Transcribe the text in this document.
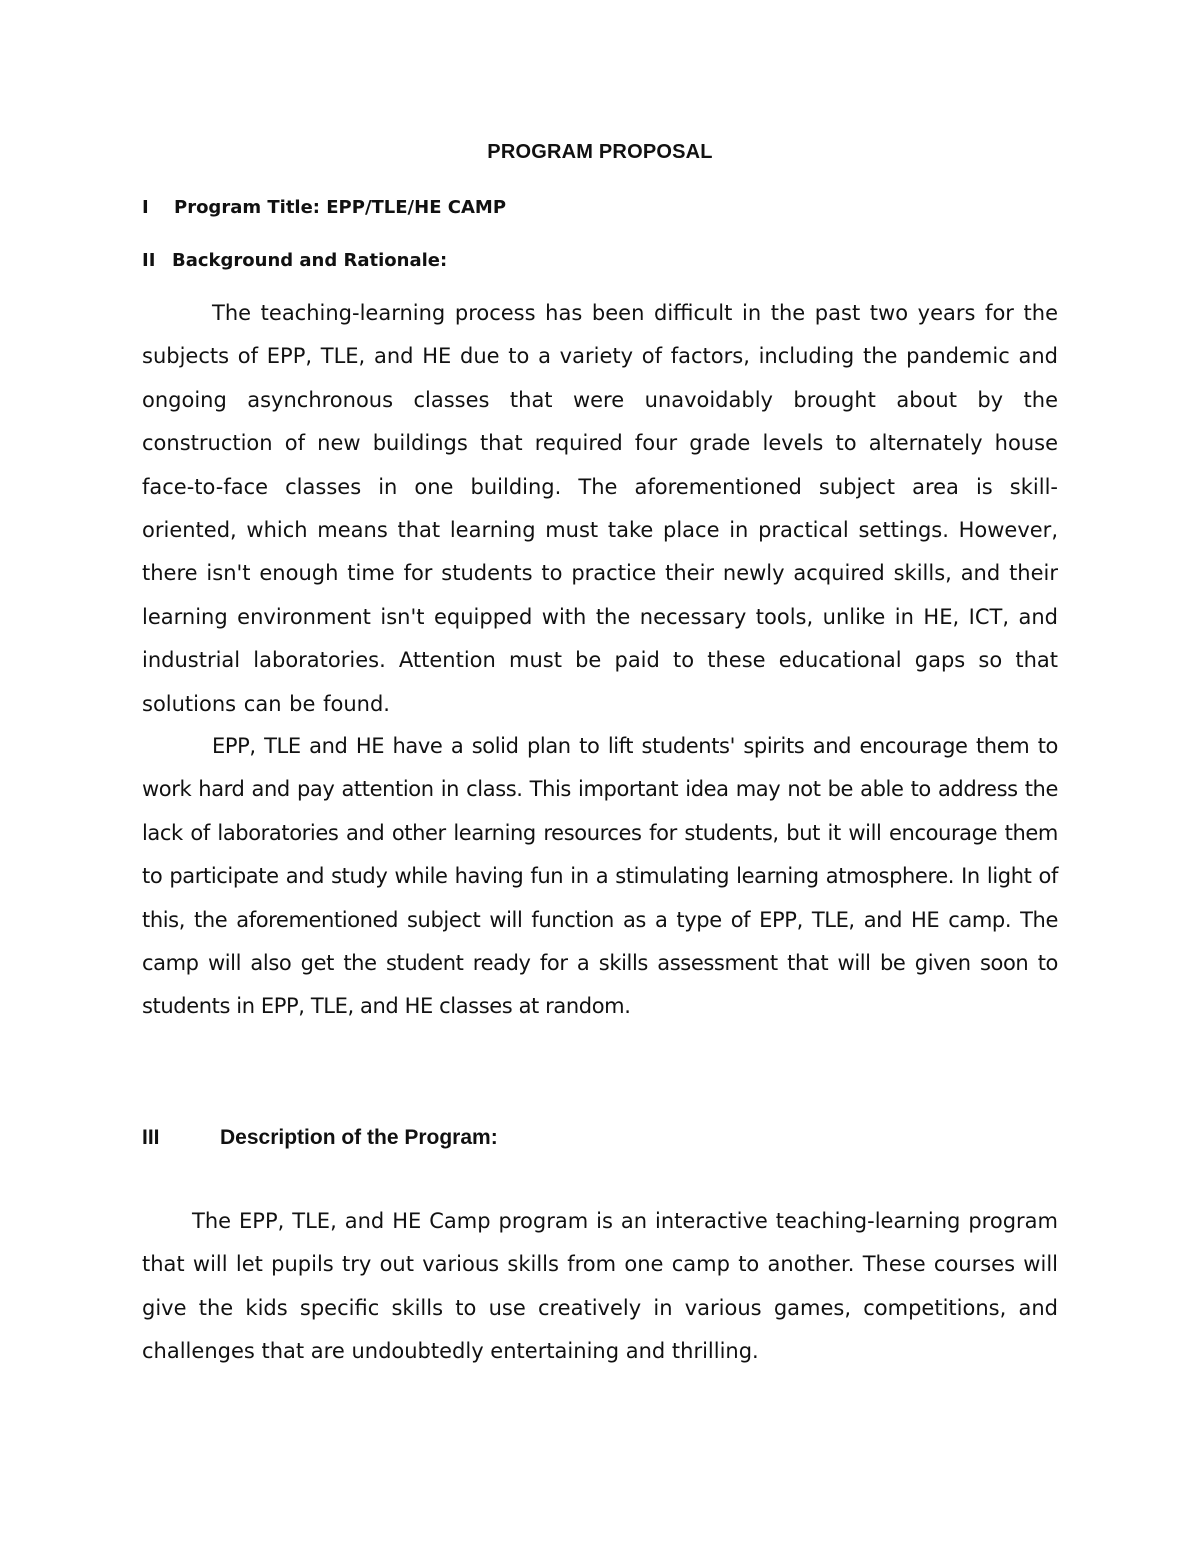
PROGRAM PROPOSAL
I Program Title: EPP/TLE/HE CAMP
II Background and Rationale:

The teaching-learning process has been difficult in the past two years for the subjects of EPP, TLE, and HE due to a variety of factors, including the pandemic and ongoing asynchronous classes that were unavoidably brought about by the construction of new buildings that required four grade levels to alternately house face-to-face classes in one building. The aforementioned subject area is skill-oriented, which means that learning must take place in practical settings. However, there isn't enough time for students to practice their newly acquired skills, and their learning environment isn't equipped with the necessary tools, unlike in HE, ICT, and industrial laboratories. Attention must be paid to these educational gaps so that solutions can be found.

EPP, TLE and HE have a solid plan to lift students' spirits and encourage them to work hard and pay attention in class. This important idea may not be able to address the lack of laboratories and other learning resources for students, but it will encourage them to participate and study while having fun in a stimulating learning atmosphere. In light of this, the aforementioned subject will function as a type of EPP, TLE, and HE camp. The camp will also get the student ready for a skills assessment that will be given soon to students in EPP, TLE, and HE classes at random.

III	Description of the Program:

The EPP, TLE, and HE Camp program is an interactive teaching-learning program that will let pupils try out various skills from one camp to another. These courses will give the kids specific skills to use creatively in various games, competitions, and challenges that are undoubtedly entertaining and thrilling.
